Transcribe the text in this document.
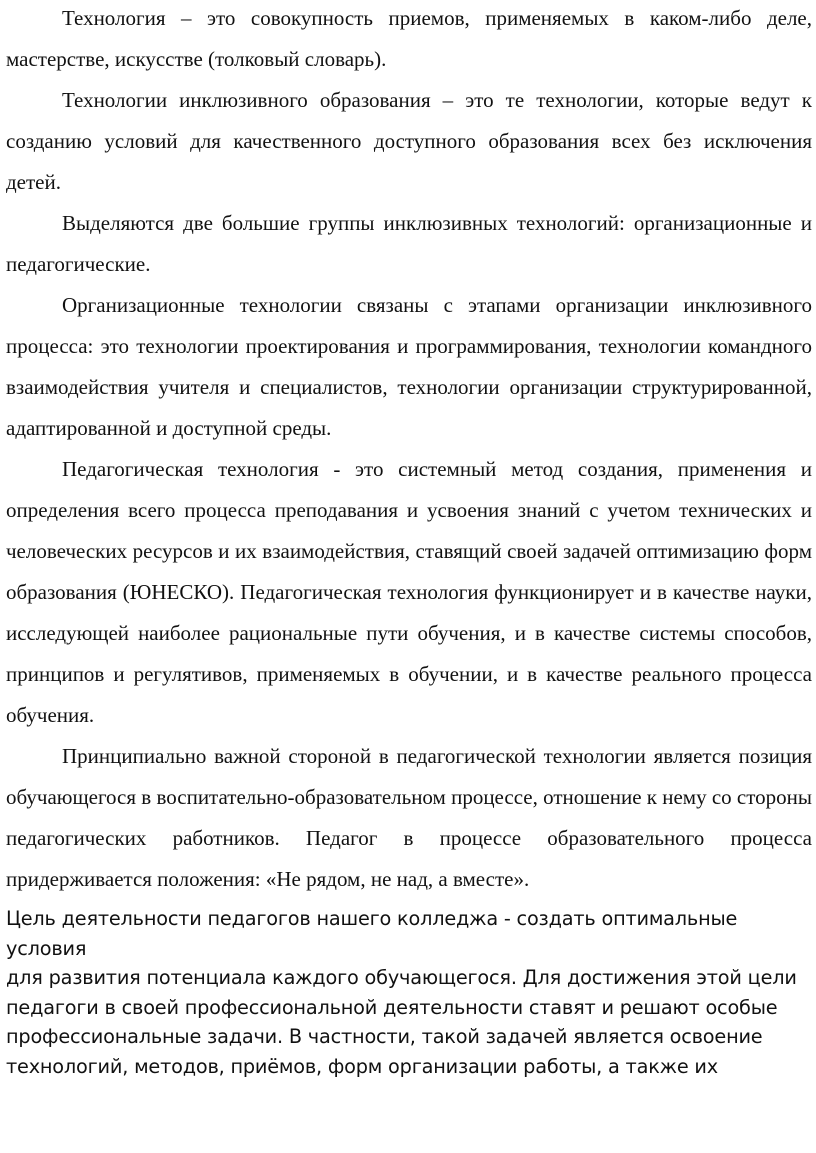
Технология – это совокупность приемов, применяемых в каком-либо деле, мастерстве, искусстве (толковый словарь).

Технологии инклюзивного образования – это те технологии, которые ведут к созданию условий для качественного доступного образования всех без исключения детей.

Выделяются две большие группы инклюзивных технологий: организационные и педагогические.

Организационные технологии связаны с этапами организации инклюзивного процесса: это технологии проектирования и программирования, технологии командного взаимодействия учителя и специалистов, технологии организации структурированной, адаптированной и доступной среды.

Педагогическая технология - это системный метод создания, применения и определения всего процесса преподавания и усвоения знаний с учетом технических и человеческих ресурсов и их взаимодействия, ставящий своей задачей оптимизацию форм образования (ЮНЕСКО). Педагогическая технология функционирует и в качестве науки, исследующей наиболее рациональные пути обучения, и в качестве системы способов, принципов и регулятивов, применяемых в обучении, и в качестве реального процесса обучения.

Принципиально важной стороной в педагогической технологии является позиция обучающегося в воспитательно-образовательном процессе, отношение к нему со стороны педагогических работников. Педагог в процессе образовательного процесса придерживается положения: «Не рядом, не над, а вместе».

Цель деятельности педагогов нашего колледжа - создать оптимальные условия
для развития потенциала каждого обучающегося. Для достижения этой цели
педагоги в своей профессиональной деятельности ставят и решают особые
профессиональные задачи. В частности, такой задачей является освоение
технологий, методов, приёмов, форм организации работы, а также их
